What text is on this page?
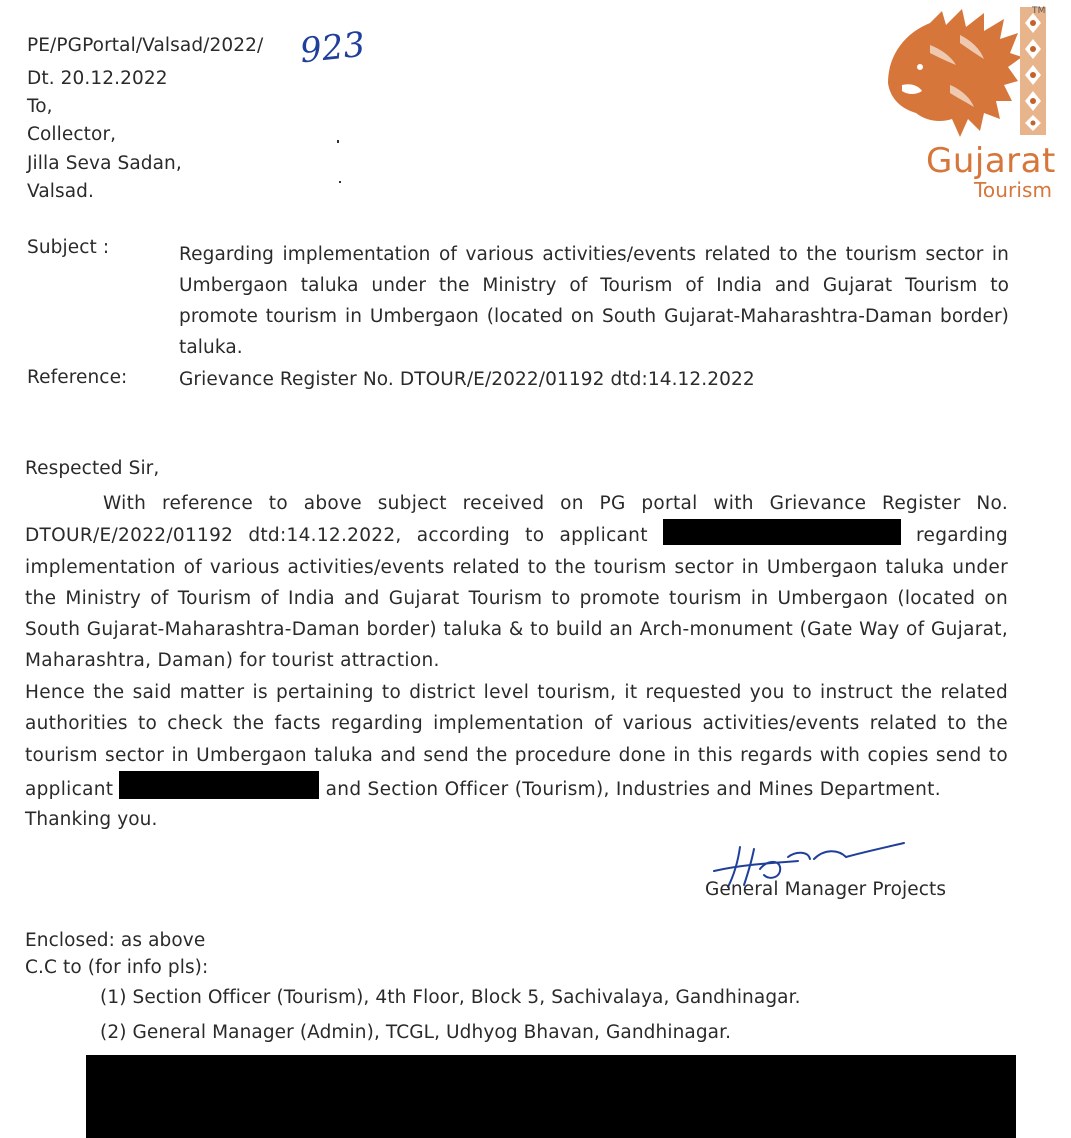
PE/PGPortal/Valsad/2022/ 923
Dt. 20.12.2022
To,
Collector,
Jilla Seva Sadan,
Valsad.
TM
Gujarat
Tourism
Subject :	Regarding implementation of various activities/events related to the tourism sector in Umbergaon taluka under the Ministry of Tourism of India and Gujarat Tourism to promote tourism in Umbergaon (located on South Gujarat-Maharashtra-Daman border) taluka.
Reference:	Grievance Register No. DTOUR/E/2022/01192 dtd:14.12.2022
Respected Sir,
With reference to above subject received on PG portal with Grievance Register No. DTOUR/E/2022/01192 dtd:14.12.2022, according to applicant	regarding implementation of various activities/events related to the tourism sector in Umbergaon taluka under the Ministry of Tourism of India and Gujarat Tourism to promote tourism in Umbergaon (located on South Gujarat-Maharashtra-Daman border) taluka & to build an Arch-monument (Gate Way of Gujarat, Maharashtra, Daman) for tourist attraction.
Hence the said matter is pertaining to district level tourism, it requested you to instruct the related authorities to check the facts regarding implementation of various activities/events related to the tourism sector in Umbergaon taluka and send the procedure done in this regards with copies send to applicant	and Section Officer (Tourism), Industries and Mines Department.
Thanking you.
General Manager Projects
Enclosed: as above
C.C to (for info pls):
(1) Section Officer (Tourism), 4th Floor, Block 5, Sachivalaya, Gandhinagar.
(2) General Manager (Admin), TCGL, Udhyog Bhavan, Gandhinagar.
